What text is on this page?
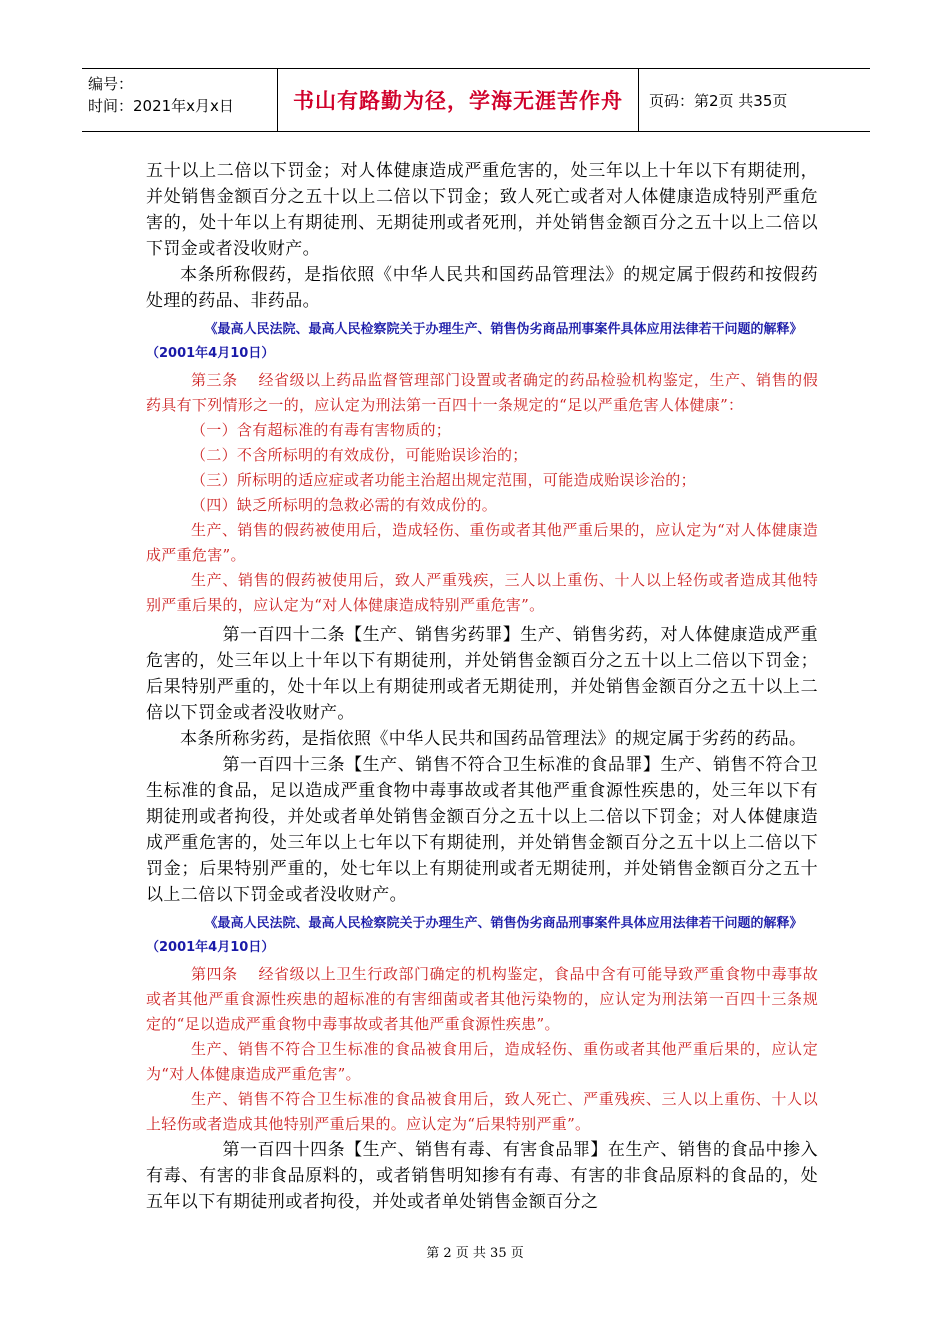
编号：
时间：2021年x月x日	书山有路勤为径，学海无涯苦作舟	页码：第2页 共35页

五十以上二倍以下罚金；对人体健康造成严重危害的，处三年以上十年以下有期徒刑，并处销售金额百分之五十以上二倍以下罚金；致人死亡或者对人体健康造成特别严重危害的，处十年以上有期徒刑、无期徒刑或者死刑，并处销售金额百分之五十以上二倍以下罚金或者没收财产。

本条所称假药，是指依照《中华人民共和国药品管理法》的规定属于假药和按假药处理的药品、非药品。

《最高人民法院、最高人民检察院关于办理生产、销售伪劣商品刑事案件具体应用法律若干问题的解释》（2001年4月10日）

第三条　 经省级以上药品监督管理部门设置或者确定的药品检验机构鉴定，生产、销售的假药具有下列情形之一的，应认定为刑法第一百四十一条规定的“足以严重危害人体健康”：

（一）含有超标准的有毒有害物质的；

（二）不含所标明的有效成份，可能贻误诊治的；

（三）所标明的适应症或者功能主治超出规定范围，可能造成贻误诊治的；

（四）缺乏所标明的急救必需的有效成份的。

生产、销售的假药被使用后，造成轻伤、重伤或者其他严重后果的，应认定为“对人体健康造成严重危害”。

生产、销售的假药被使用后，致人严重残疾，三人以上重伤、十人以上轻伤或者造成其他特别严重后果的，应认定为“对人体健康造成特别严重危害”。

第一百四十二条【生产、销售劣药罪】生产、销售劣药，对人体健康造成严重危害的，处三年以上十年以下有期徒刑，并处销售金额百分之五十以上二倍以下罚金；后果特别严重的，处十年以上有期徒刑或者无期徒刑，并处销售金额百分之五十以上二倍以下罚金或者没收财产。

本条所称劣药，是指依照《中华人民共和国药品管理法》的规定属于劣药的药品。

第一百四十三条【生产、销售不符合卫生标准的食品罪】生产、销售不符合卫生标准的食品，足以造成严重食物中毒事故或者其他严重食源性疾患的，处三年以下有期徒刑或者拘役，并处或者单处销售金额百分之五十以上二倍以下罚金；对人体健康造成严重危害的，处三年以上七年以下有期徒刑，并处销售金额百分之五十以上二倍以下罚金；后果特别严重的，处七年以上有期徒刑或者无期徒刑，并处销售金额百分之五十以上二倍以下罚金或者没收财产。

《最高人民法院、最高人民检察院关于办理生产、销售伪劣商品刑事案件具体应用法律若干问题的解释》（2001年4月10日）

第四条　 经省级以上卫生行政部门确定的机构鉴定，食品中含有可能导致严重食物中毒事故或者其他严重食源性疾患的超标准的有害细菌或者其他污染物的，应认定为刑法第一百四十三条规定的“足以造成严重食物中毒事故或者其他严重食源性疾患”。

生产、销售不符合卫生标准的食品被食用后，造成轻伤、重伤或者其他严重后果的，应认定为“对人体健康造成严重危害”。

生产、销售不符合卫生标准的食品被食用后，致人死亡、严重残疾、三人以上重伤、十人以上轻伤或者造成其他特别严重后果的。应认定为“后果特别严重”。

第一百四十四条【生产、销售有毒、有害食品罪】在生产、销售的食品中掺入有毒、有害的非食品原料的，或者销售明知掺有有毒、有害的非食品原料的食品的，处五年以下有期徒刑或者拘役，并处或者单处销售金额百分之

第 2 页 共 35 页
